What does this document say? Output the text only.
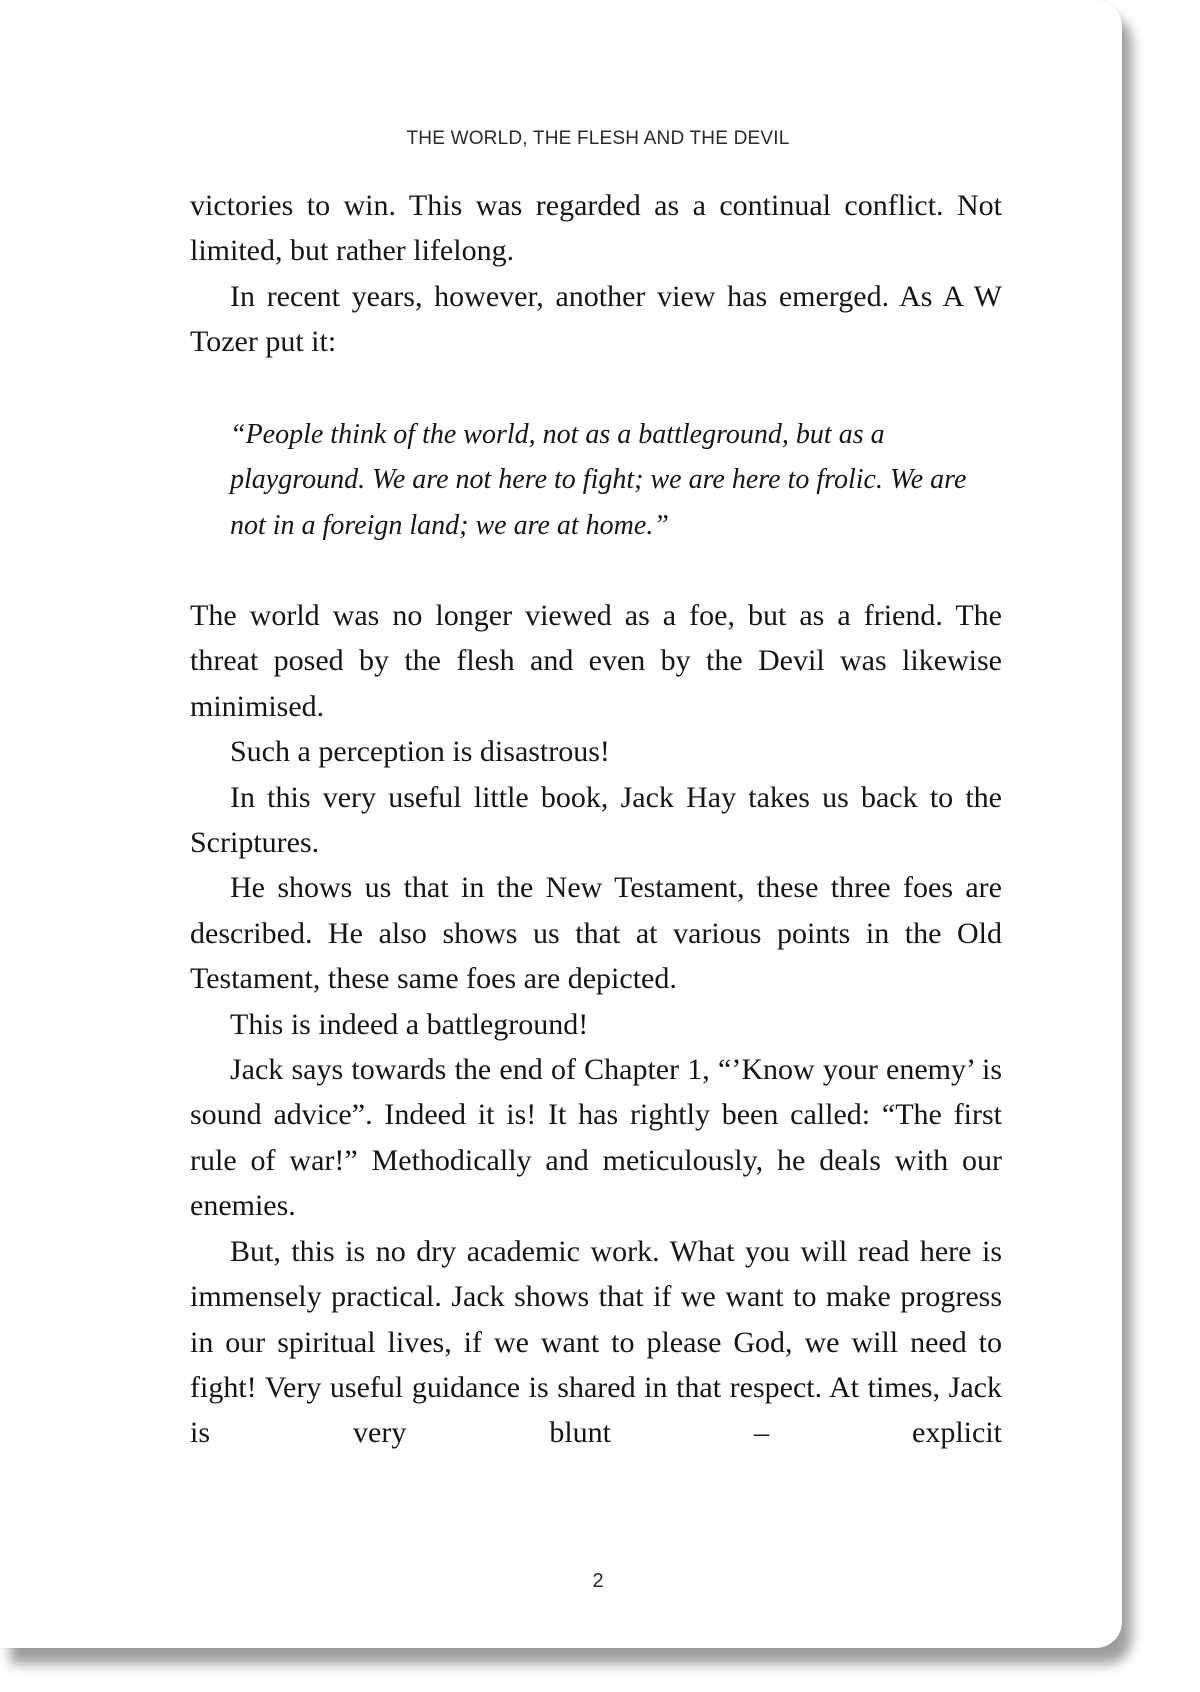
THE WORLD, THE FLESH AND THE DEVIL

victories to win. This was regarded as a continual conflict. Not limited, but rather lifelong.

In recent years, however, another view has emerged. As A W Tozer put it:

“People think of the world, not as a battleground, but as a playground. We are not here to fight; we are here to frolic. We are not in a foreign land; we are at home.”

The world was no longer viewed as a foe, but as a friend. The threat posed by the flesh and even by the Devil was likewise minimised.

Such a perception is disastrous!

In this very useful little book, Jack Hay takes us back to the Scriptures.

He shows us that in the New Testament, these three foes are described. He also shows us that at various points in the Old Testament, these same foes are depicted.

This is indeed a battleground!

Jack says towards the end of Chapter 1, “’Know your enemy’ is sound advice”. Indeed it is! It has rightly been called: “The first rule of war!” Methodically and meticulously, he deals with our enemies.

But, this is no dry academic work. What you will read here is immensely practical. Jack shows that if we want to make progress in our spiritual lives, if we want to please God, we will need to fight! Very useful guidance is shared in that respect. At times, Jack is very blunt – explicit

2
